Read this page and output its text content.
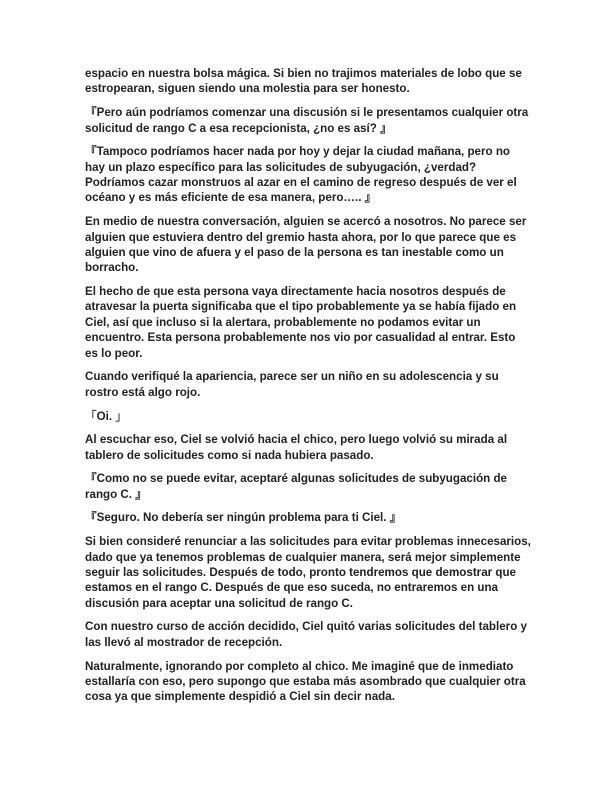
espacio en nuestra bolsa mágica. Si bien no trajimos materiales de lobo que se estropearan, siguen siendo una molestia para ser honesto.

『Pero aún podríamos comenzar una discusión si le presentamos cualquier otra solicitud de rango C a esa recepcionista, ¿no es así? 』

『Tampoco podríamos hacer nada por hoy y dejar la ciudad mañana, pero no hay un plazo específico para las solicitudes de subyugación, ¿verdad? Podríamos cazar monstruos al azar en el camino de regreso después de ver el océano y es más eficiente de esa manera, pero….. 』

En medio de nuestra conversación, alguien se acercó a nosotros. No parece ser alguien que estuviera dentro del gremio hasta ahora, por lo que parece que es alguien que vino de afuera y el paso de la persona es tan inestable como un borracho.

El hecho de que esta persona vaya directamente hacia nosotros después de atravesar la puerta significaba que el tipo probablemente ya se había fijado en Ciel, así que incluso si la alertara, probablemente no podamos evitar un encuentro. Esta persona probablemente nos vio por casualidad al entrar. Esto es lo peor.

Cuando verifiqué la apariencia, parece ser un niño en su adolescencia y su rostro está algo rojo.

「Oi. 」

Al escuchar eso, Ciel se volvió hacia el chico, pero luego volvió su mirada al tablero de solicitudes como si nada hubiera pasado.

『Como no se puede evitar, aceptaré algunas solicitudes de subyugación de rango C. 』

『Seguro. No debería ser ningún problema para ti Ciel. 』

Si bien consideré renunciar a las solicitudes para evitar problemas innecesarios, dado que ya tenemos problemas de cualquier manera, será mejor simplemente seguir las solicitudes. Después de todo, pronto tendremos que demostrar que estamos en el rango C. Después de que eso suceda, no entraremos en una discusión para aceptar una solicitud de rango C.

Con nuestro curso de acción decidido, Ciel quitó varias solicitudes del tablero y las llevó al mostrador de recepción.

Naturalmente, ignorando por completo al chico. Me imaginé que de inmediato estallaría con eso, pero supongo que estaba más asombrado que cualquier otra cosa ya que simplemente despidió a Ciel sin decir nada.
